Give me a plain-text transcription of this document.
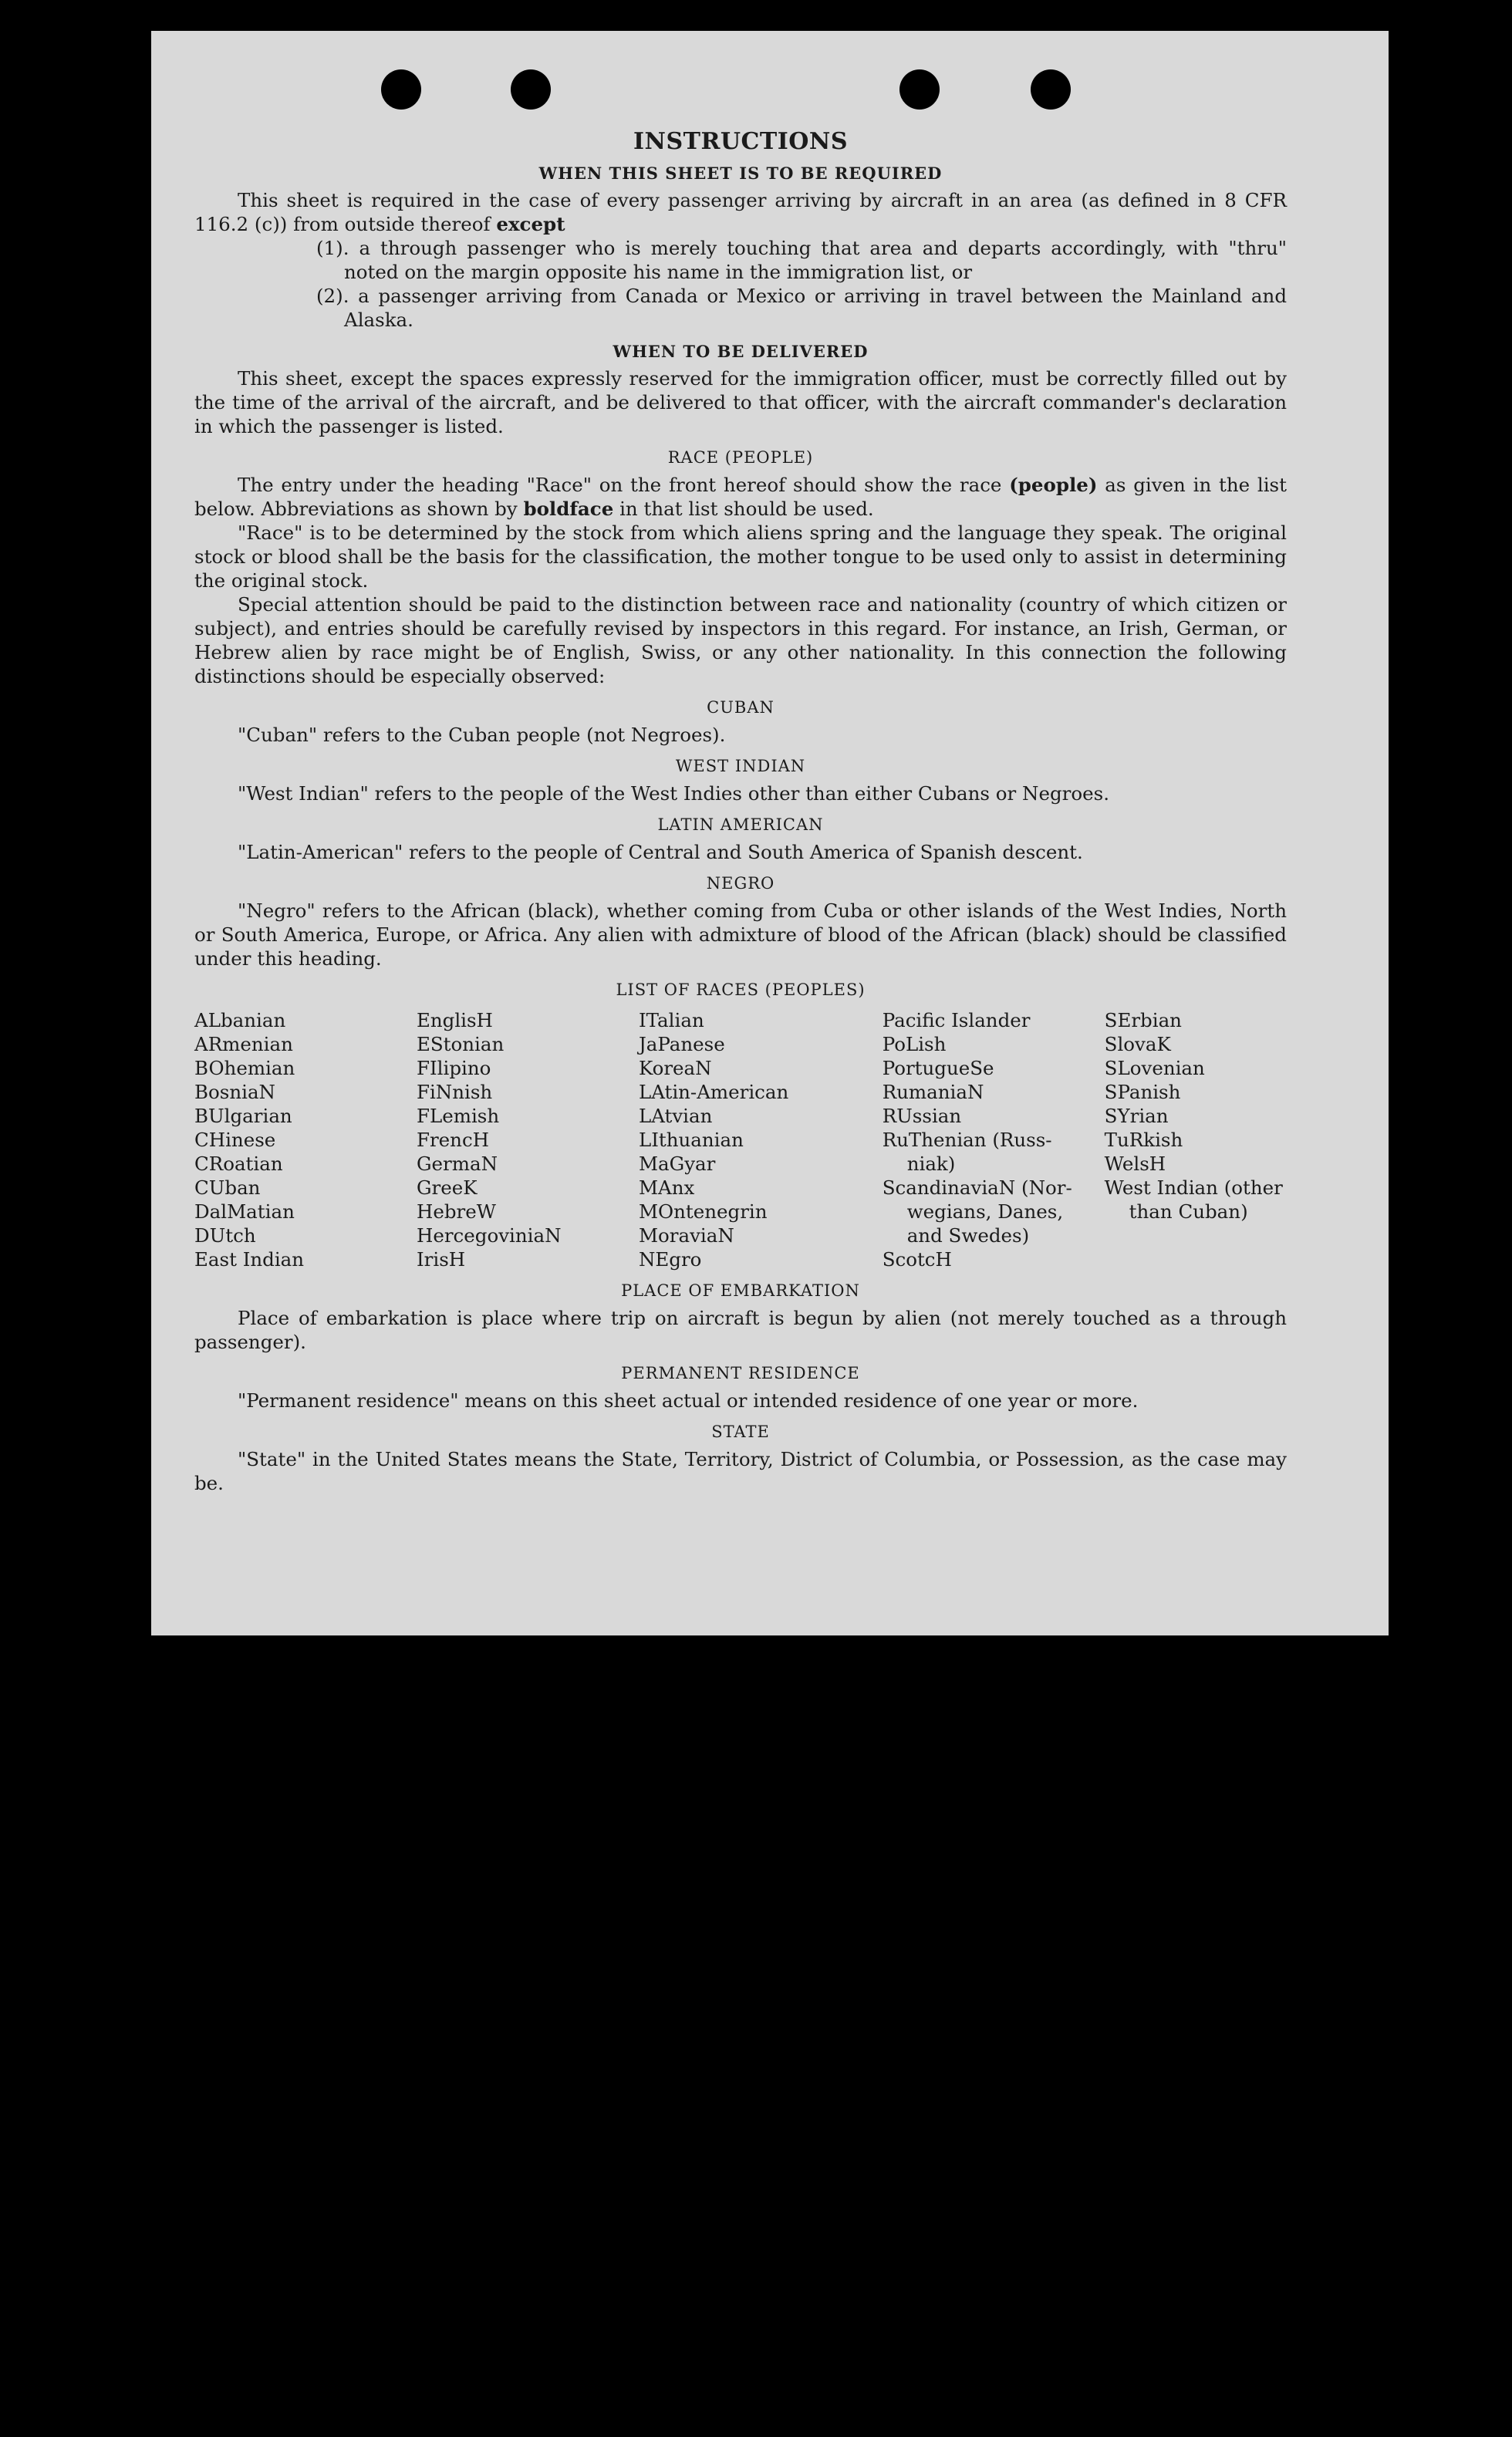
INSTRUCTIONS
WHEN THIS SHEET IS TO BE REQUIRED

This sheet is required in the case of every passenger arriving by aircraft in an area (as defined in 8 CFR 116.2 (c)) from outside thereof except

(1). a through passenger who is merely touching that area and departs accordingly, with "thru" noted on the margin opposite his name in the immigration list, or

(2). a passenger arriving from Canada or Mexico or arriving in travel between the Mainland and Alaska.

WHEN TO BE DELIVERED

This sheet, except the spaces expressly reserved for the immigration officer, must be correctly filled out by the time of the arrival of the aircraft, and be delivered to that officer, with the aircraft commander's declaration in which the passenger is listed.

RACE (PEOPLE)

The entry under the heading "Race" on the front hereof should show the race (people) as given in the list below. Abbreviations as shown by boldface in that list should be used.

"Race" is to be determined by the stock from which aliens spring and the language they speak. The original stock or blood shall be the basis for the classification, the mother tongue to be used only to assist in determining the original stock.

Special attention should be paid to the distinction between race and nationality (country of which citizen or subject), and entries should be carefully revised by inspectors in this regard. For instance, an Irish, German, or Hebrew alien by race might be of English, Swiss, or any other nationality. In this connection the following distinctions should be especially observed:

CUBAN

"Cuban" refers to the Cuban people (not Negroes).

WEST INDIAN

"West Indian" refers to the people of the West Indies other than either Cubans or Negroes.

LATIN AMERICAN

"Latin-American" refers to the people of Central and South America of Spanish descent.

NEGRO

"Negro" refers to the African (black), whether coming from Cuba or other islands of the West Indies, North or South America, Europe, or Africa. Any alien with admixture of blood of the African (black) should be classified under this heading.

LIST OF RACES (PEOPLES)
ALbanian
ARmenian
BOhemian
BosniaN
BUlgarian
CHinese
CRoatian
CUban
DalMatian
DUtch
East Indian
EnglisH
EStonian
FIlipino
FiNnish
FLemish
FrencH
GermaN
GreeK
HebreW
HercegovinіaN
IrisH
ITalian
JaPanese
KoreaN
LAtin-American
LAtvian
LIthuanian
MaGyar
MAnx
MOntenegrin
MoraviaN
NEgro
Pacific Islander
PoLish
PortugueSe
RumaniaN
RUssian
RuThenian (Russ-
niak)
ScandinaviaN (Nor-
wegians, Danes,
and Swedes)
ScotcH
SErbian
SlovaK
SLovenian
SPanish
SYrian
TuRkish
WelsH
West Indian (other
than Cuban)
PLACE OF EMBARKATION

Place of embarkation is place where trip on aircraft is begun by alien (not merely touched as a through passenger).

PERMANENT RESIDENCE

"Permanent residence" means on this sheet actual or intended residence of one year or more.

STATE

"State" in the United States means the State, Territory, District of Columbia, or Possession, as the case may be.
